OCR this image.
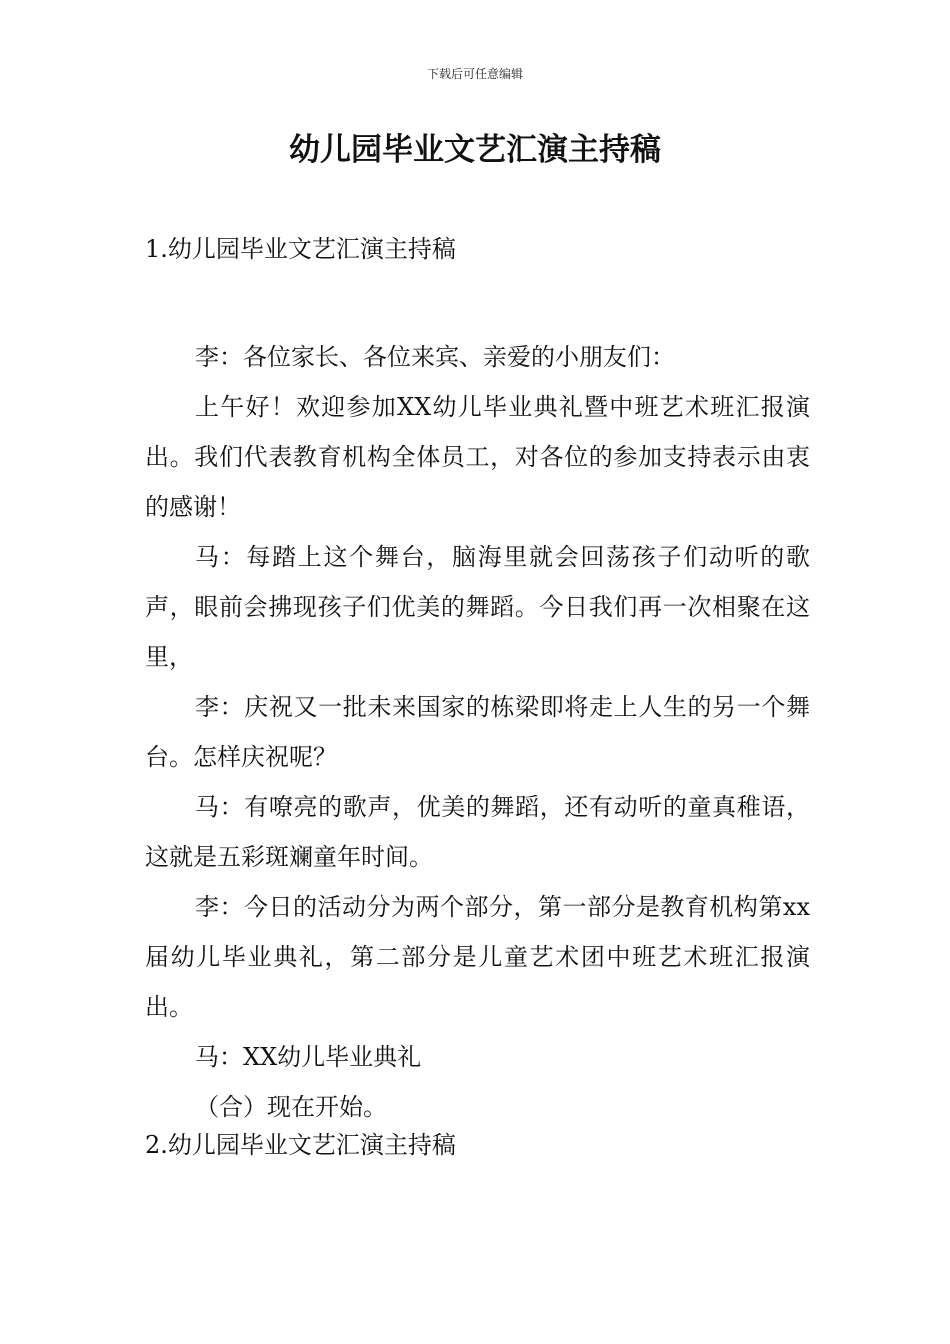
下载后可任意编辑
幼儿园毕业文艺汇演主持稿
1.幼儿园毕业文艺汇演主持稿

李：各位家长、各位来宾、亲爱的小朋友们：

上午好！欢迎参加XX幼儿毕业典礼暨中班艺术班汇报演出。我们代表教育机构全体员工，对各位的参加支持表示由衷的感谢！

马：每踏上这个舞台，脑海里就会回荡孩子们动听的歌声，眼前会拂现孩子们优美的舞蹈。今日我们再一次相聚在这里，

李：庆祝又一批未来国家的栋梁即将走上人生的另一个舞台。怎样庆祝呢？

马：有嘹亮的歌声，优美的舞蹈，还有动听的童真稚语，这就是五彩斑斓童年时间。

李：今日的活动分为两个部分，第一部分是教育机构第xx届幼儿毕业典礼，第二部分是儿童艺术团中班艺术班汇报演出。

马：XX幼儿毕业典礼

（合）现在开始。

2.幼儿园毕业文艺汇演主持稿
